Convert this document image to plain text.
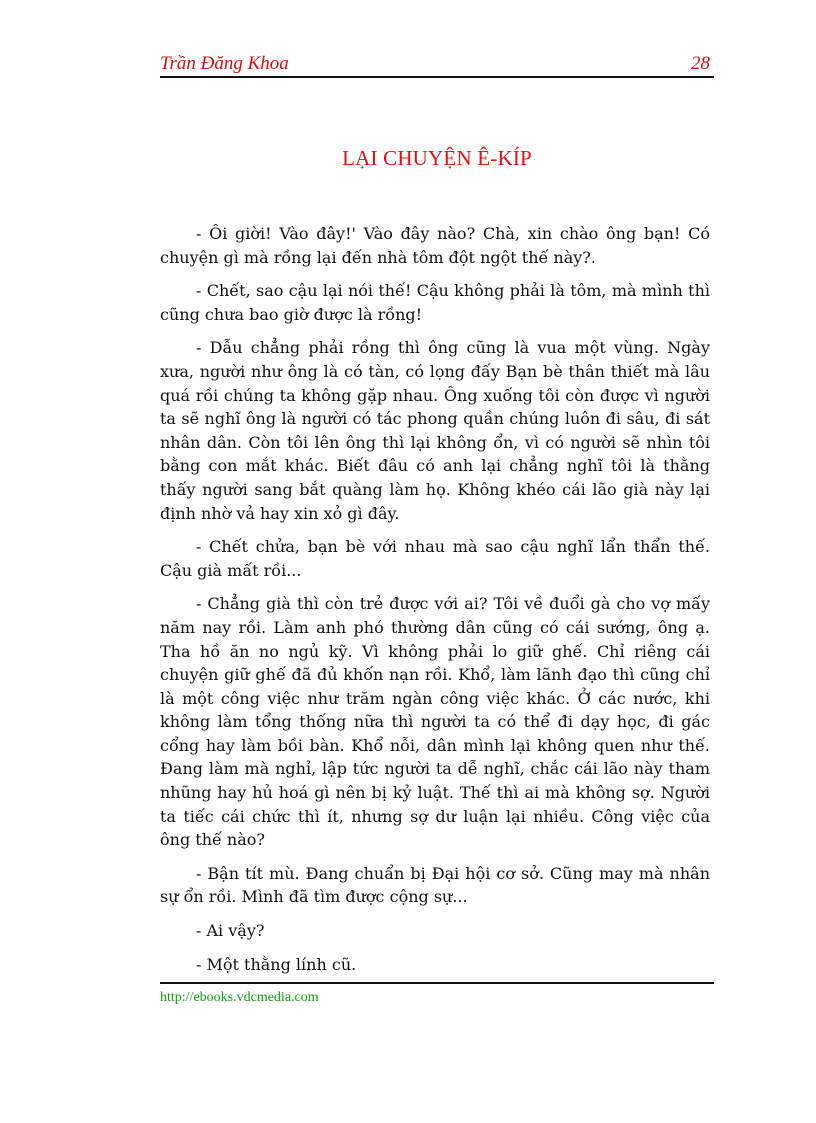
Trần Đăng Khoa	28
LẠI CHUYỆN Ê-KÍP

- Ôi giời! Vào đây!' Vào đây nào? Chà, xin chào ông bạn! Có chuyện gì mà rồng lại đến nhà tôm đột ngột thế này?.

- Chết, sao cậu lại nói thế! Cậu không phải là tôm, mà mình thì cũng chưa bao giờ được là rồng!

- Dẫu chẳng phải rồng thì ông cũng là vua một vùng. Ngày xưa, người như ông là có tàn, có lọng đấy Bạn bè thân thiết mà lâu quá rồi chúng ta không gặp nhau. Ông xuống tôi còn được vì người ta sẽ nghĩ ông là người có tác phong quần chúng luôn đi sâu, đi sát nhân dân. Còn tôi lên ông thì lại không ổn, vì có người sẽ nhìn tôi bằng con mắt khác. Biết đâu có anh lại chẳng nghĩ tôi là thằng thấy người sang bắt quàng làm họ. Không khéo cái lão già này lại định nhờ vả hay xin xỏ gì đây.

- Chết chửa, bạn bè với nhau mà sao cậu nghĩ lẩn thẩn thế. Cậu già mất rồi...

- Chẳng già thì còn trẻ được với ai? Tôi về đuổi gà cho vợ mấy năm nay rồi. Làm anh phó thường dân cũng có cái sướng, ông ạ. Tha hồ ăn no ngủ kỹ. Vì không phải lo giữ ghế. Chỉ riêng cái chuyện giữ ghế đã đủ khốn nạn rồi. Khổ, làm lãnh đạo thì cũng chỉ là một công việc như trăm ngàn công việc khác. Ở các nước, khi không làm tổng thống nữa thì người ta có thể đi dạy học, đi gác cổng hay làm bồi bàn. Khổ nỗi, dân mình lại không quen như thế. Đang làm mà nghỉ, lập tức người ta dễ nghĩ, chắc cái lão này tham nhũng hay hủ hoá gì nên bị kỷ luật. Thế thì ai mà không sợ. Người ta tiếc cái chức thì ít, nhưng sợ dư luận lại nhiều. Công việc của ông thế nào?

- Bận tít mù. Đang chuẩn bị Đại hội cơ sở. Cũng may mà nhân sự ổn rồi. Mình đã tìm được cộng sự...

- Ai vậy?

- Một thằng lính cũ.

http://ebooks.vdcmedia.com
